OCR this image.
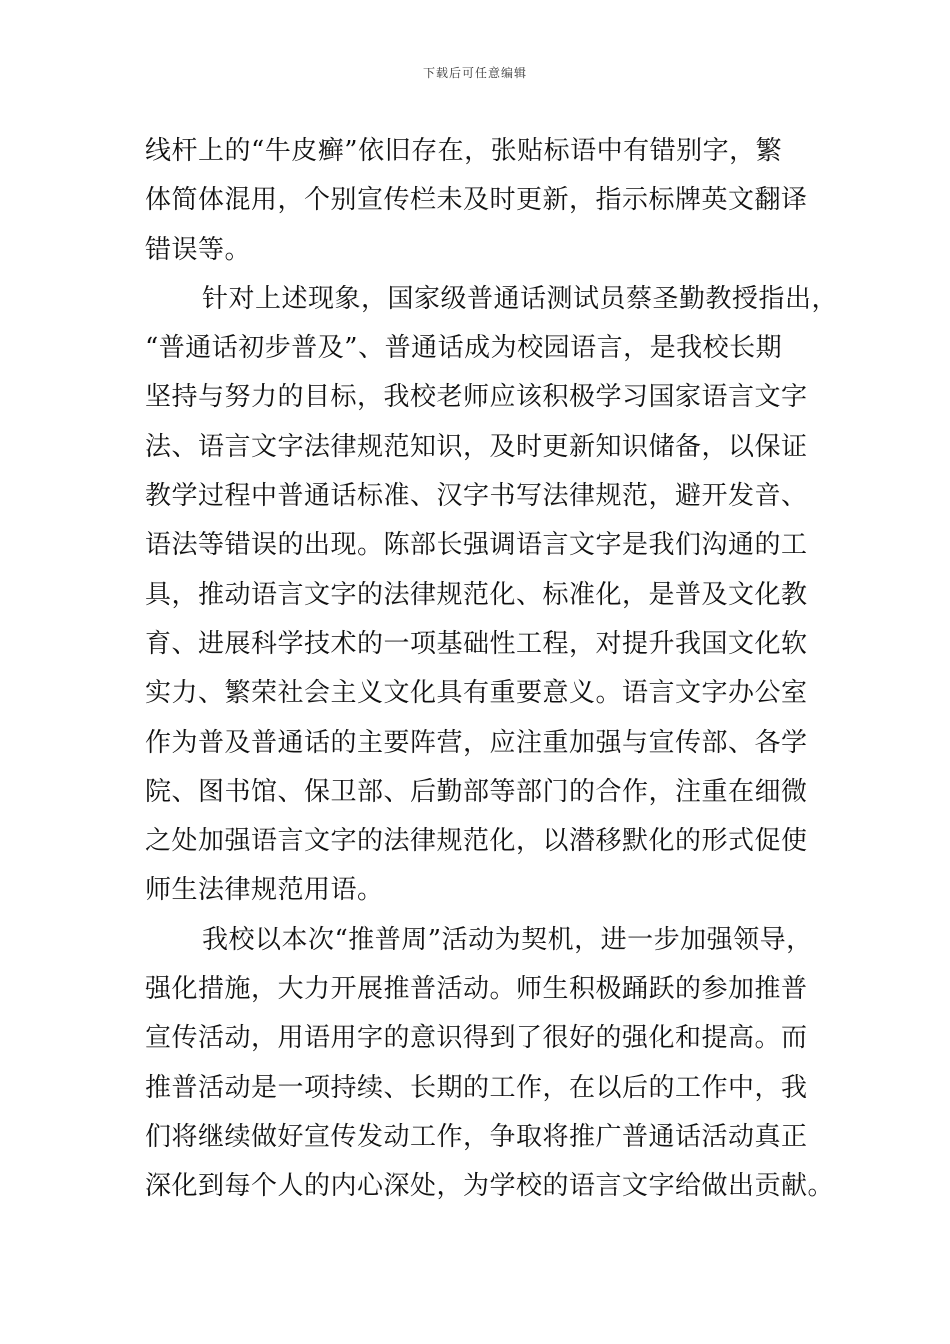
下载后可任意编辑
线杆上的“牛皮癣”依旧存在，张贴标语中有错别字，繁
体简体混用，个别宣传栏未及时更新，指示标牌英文翻译
错误等。
针对上述现象，国家级普通话测试员蔡圣勤教授指出，
“普通话初步普及”、普通话成为校园语言，是我校长期
坚持与努力的目标，我校老师应该积极学习国家语言文字
法、语言文字法律规范知识，及时更新知识储备，以保证
教学过程中普通话标准、汉字书写法律规范，避开发音、
语法等错误的出现。陈部长强调语言文字是我们沟通的工
具，推动语言文字的法律规范化、标准化，是普及文化教
育、进展科学技术的一项基础性工程，对提升我国文化软
实力、繁荣社会主义文化具有重要意义。语言文字办公室
作为普及普通话的主要阵营，应注重加强与宣传部、各学
院、图书馆、保卫部、后勤部等部门的合作，注重在细微
之处加强语言文字的法律规范化，以潜移默化的形式促使
师生法律规范用语。
我校以本次“推普周”活动为契机，进一步加强领导，
强化措施，大力开展推普活动。师生积极踊跃的参加推普
宣传活动，用语用字的意识得到了很好的强化和提高。而
推普活动是一项持续、长期的工作，在以后的工作中，我
们将继续做好宣传发动工作，争取将推广普通话活动真正
深化到每个人的内心深处，为学校的语言文字给做出贡献。
